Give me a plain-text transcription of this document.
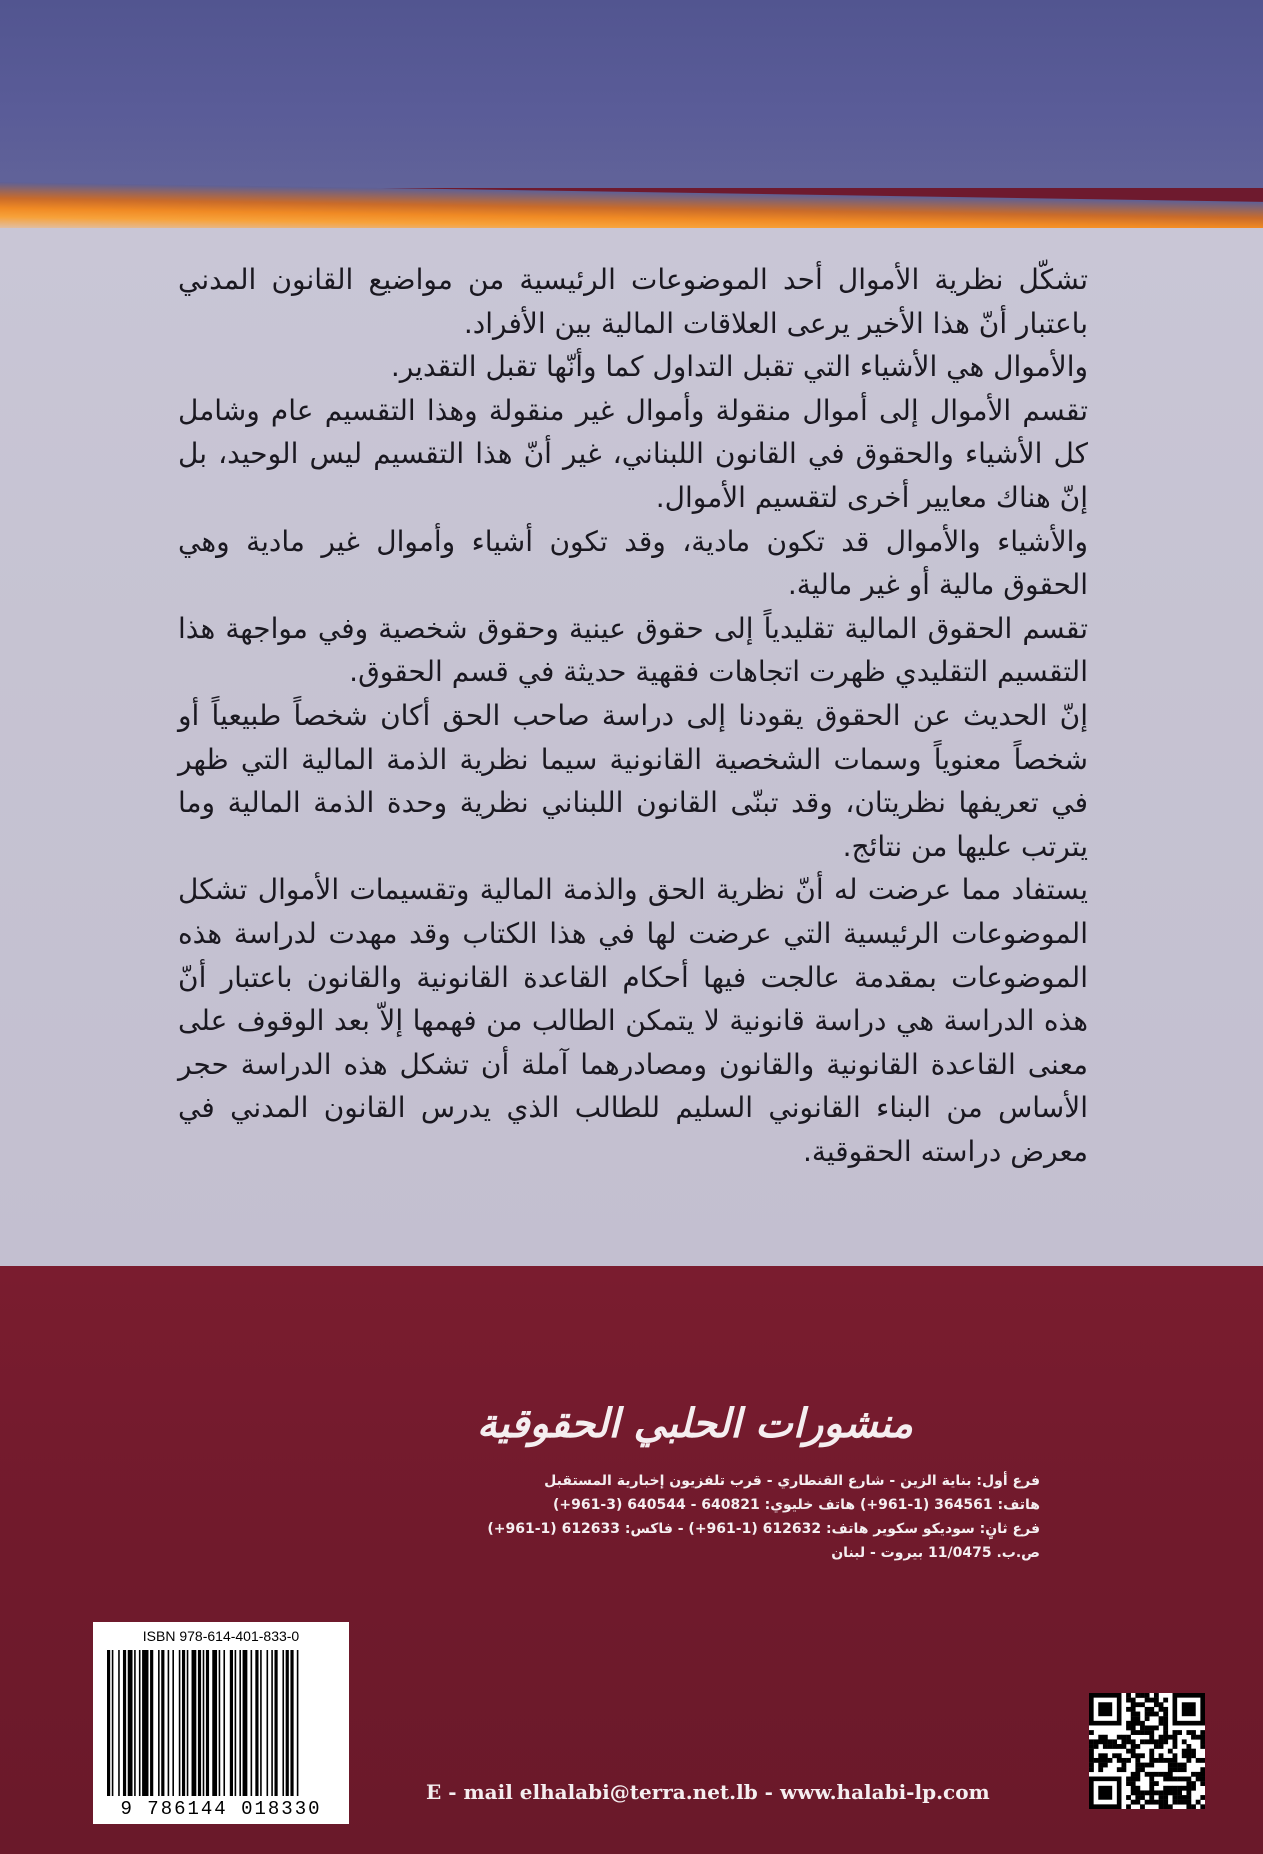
تشكّل نظرية الأموال أحد الموضوعات الرئيسية من مواضيع القانون المدني باعتبار أنّ هذا الأخير يرعى العلاقات المالية بين الأفراد.

والأموال هي الأشياء التي تقبل التداول كما وأنّها تقبل التقدير.

تقسم الأموال إلى أموال منقولة وأموال غير منقولة وهذا التقسيم عام وشامل كل الأشياء والحقوق في القانون اللبناني، غير أنّ هذا التقسيم ليس الوحيد، بل إنّ هناك معايير أخرى لتقسيم الأموال.

والأشياء والأموال قد تكون مادية، وقد تكون أشياء وأموال غير مادية وهي الحقوق مالية أو غير مالية.

تقسم الحقوق المالية تقليدياً إلى حقوق عينية وحقوق شخصية وفي مواجهة هذا التقسيم التقليدي ظهرت اتجاهات فقهية حديثة في قسم الحقوق.

إنّ الحديث عن الحقوق يقودنا إلى دراسة صاحب الحق أكان شخصاً طبيعياً أو شخصاً معنوياً وسمات الشخصية القانونية سيما نظرية الذمة المالية التي ظهر في تعريفها نظريتان، وقد تبنّى القانون اللبناني نظرية وحدة الذمة المالية وما يترتب عليها من نتائج.

يستفاد مما عرضت له أنّ نظرية الحق والذمة المالية وتقسيمات الأموال تشكل الموضوعات الرئيسية التي عرضت لها في هذا الكتاب وقد مهدت لدراسة هذه الموضوعات بمقدمة عالجت فيها أحكام القاعدة القانونية والقانون باعتبار أنّ هذه الدراسة هي دراسة قانونية لا يتمكن الطالب من فهمها إلاّ بعد الوقوف على معنى القاعدة القانونية والقانون ومصادرهما آملة أن تشكل هذه الدراسة حجر الأساس من البناء القانوني السليم للطالب الذي يدرس القانون المدني في معرض دراسته الحقوقية.

منشورات الحلبي الحقوقية
فرع أول: بناية الزين - شارع القنطاري - قرب تلفزيون إخبارية المستقبل
هاتف: 364561 (1-961+) هاتف خليوي: 640821 - 640544 (3-961+)
فرع ثانٍ: سوديكو سكوير هاتف: 612632 (1-961+) - فاكس: 612633 (1-961+)
ص.ب. 11/0475 بيروت - لبنان
E - mail elhalabi@terra.net.lb - www.halabi-lp.com
ISBN 978-614-401-833-0
9 786144 018330
